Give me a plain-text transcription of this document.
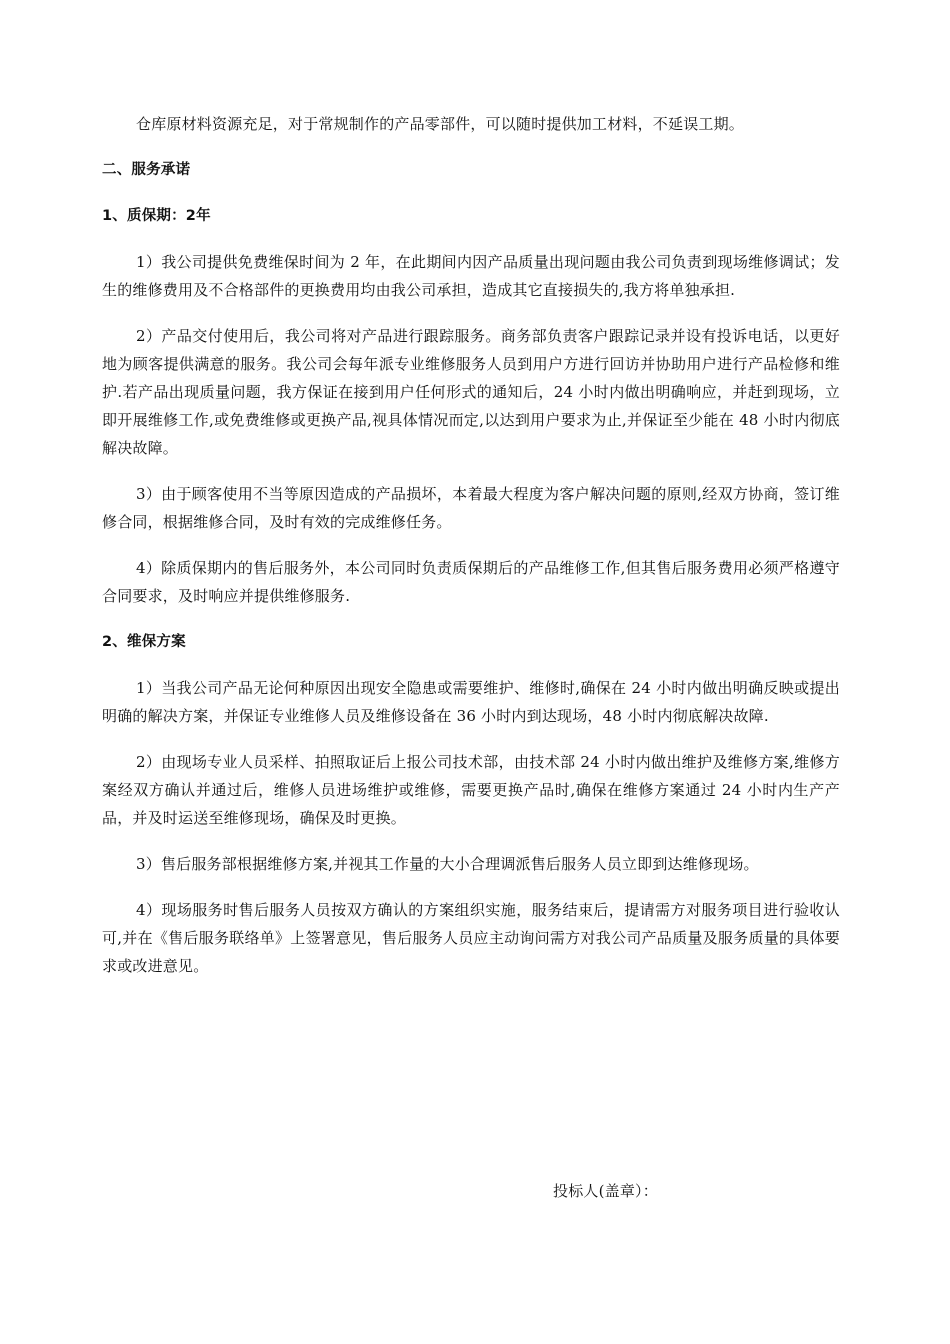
仓库原材料资源充足，对于常规制作的产品零部件，可以随时提供加工材料，不延误工期。

二、服务承诺

1、质保期：2年

1）我公司提供免费维保时间为 2 年，在此期间内因产品质量出现问题由我公司负责到现场维修调试；发生的维修费用及不合格部件的更换费用均由我公司承担，造成其它直接损失的,我方将单独承担.

2）产品交付使用后，我公司将对产品进行跟踪服务。商务部负责客户跟踪记录并设有投诉电话，以更好地为顾客提供满意的服务。我公司会每年派专业维修服务人员到用户方进行回访并协助用户进行产品检修和维护.若产品出现质量问题，我方保证在接到用户任何形式的通知后，24 小时内做出明确响应，并赶到现场，立即开展维修工作,或免费维修或更换产品,视具体情况而定,以达到用户要求为止,并保证至少能在 48 小时内彻底解决故障。

3）由于顾客使用不当等原因造成的产品损坏，本着最大程度为客户解决问题的原则,经双方协商，签订维修合同，根据维修合同，及时有效的完成维修任务。

4）除质保期内的售后服务外，本公司同时负责质保期后的产品维修工作,但其售后服务费用必须严格遵守合同要求，及时响应并提供维修服务.

2、维保方案

1）当我公司产品无论何种原因出现安全隐患或需要维护、维修时,确保在 24 小时内做出明确反映或提出明确的解决方案，并保证专业维修人员及维修设备在 36 小时内到达现场，48 小时内彻底解决故障.

2）由现场专业人员采样、拍照取证后上报公司技术部，由技术部 24 小时内做出维护及维修方案,维修方案经双方确认并通过后，维修人员进场维护或维修，需要更换产品时,确保在维修方案通过 24 小时内生产产品，并及时运送至维修现场，确保及时更换。

3）售后服务部根据维修方案,并视其工作量的大小合理调派售后服务人员立即到达维修现场。

4）现场服务时售后服务人员按双方确认的方案组织实施，服务结束后，提请需方对服务项目进行验收认可,并在《售后服务联络单》上签署意见，售后服务人员应主动询问需方对我公司产品质量及服务质量的具体要求或改进意见。

投标人(盖章）：
